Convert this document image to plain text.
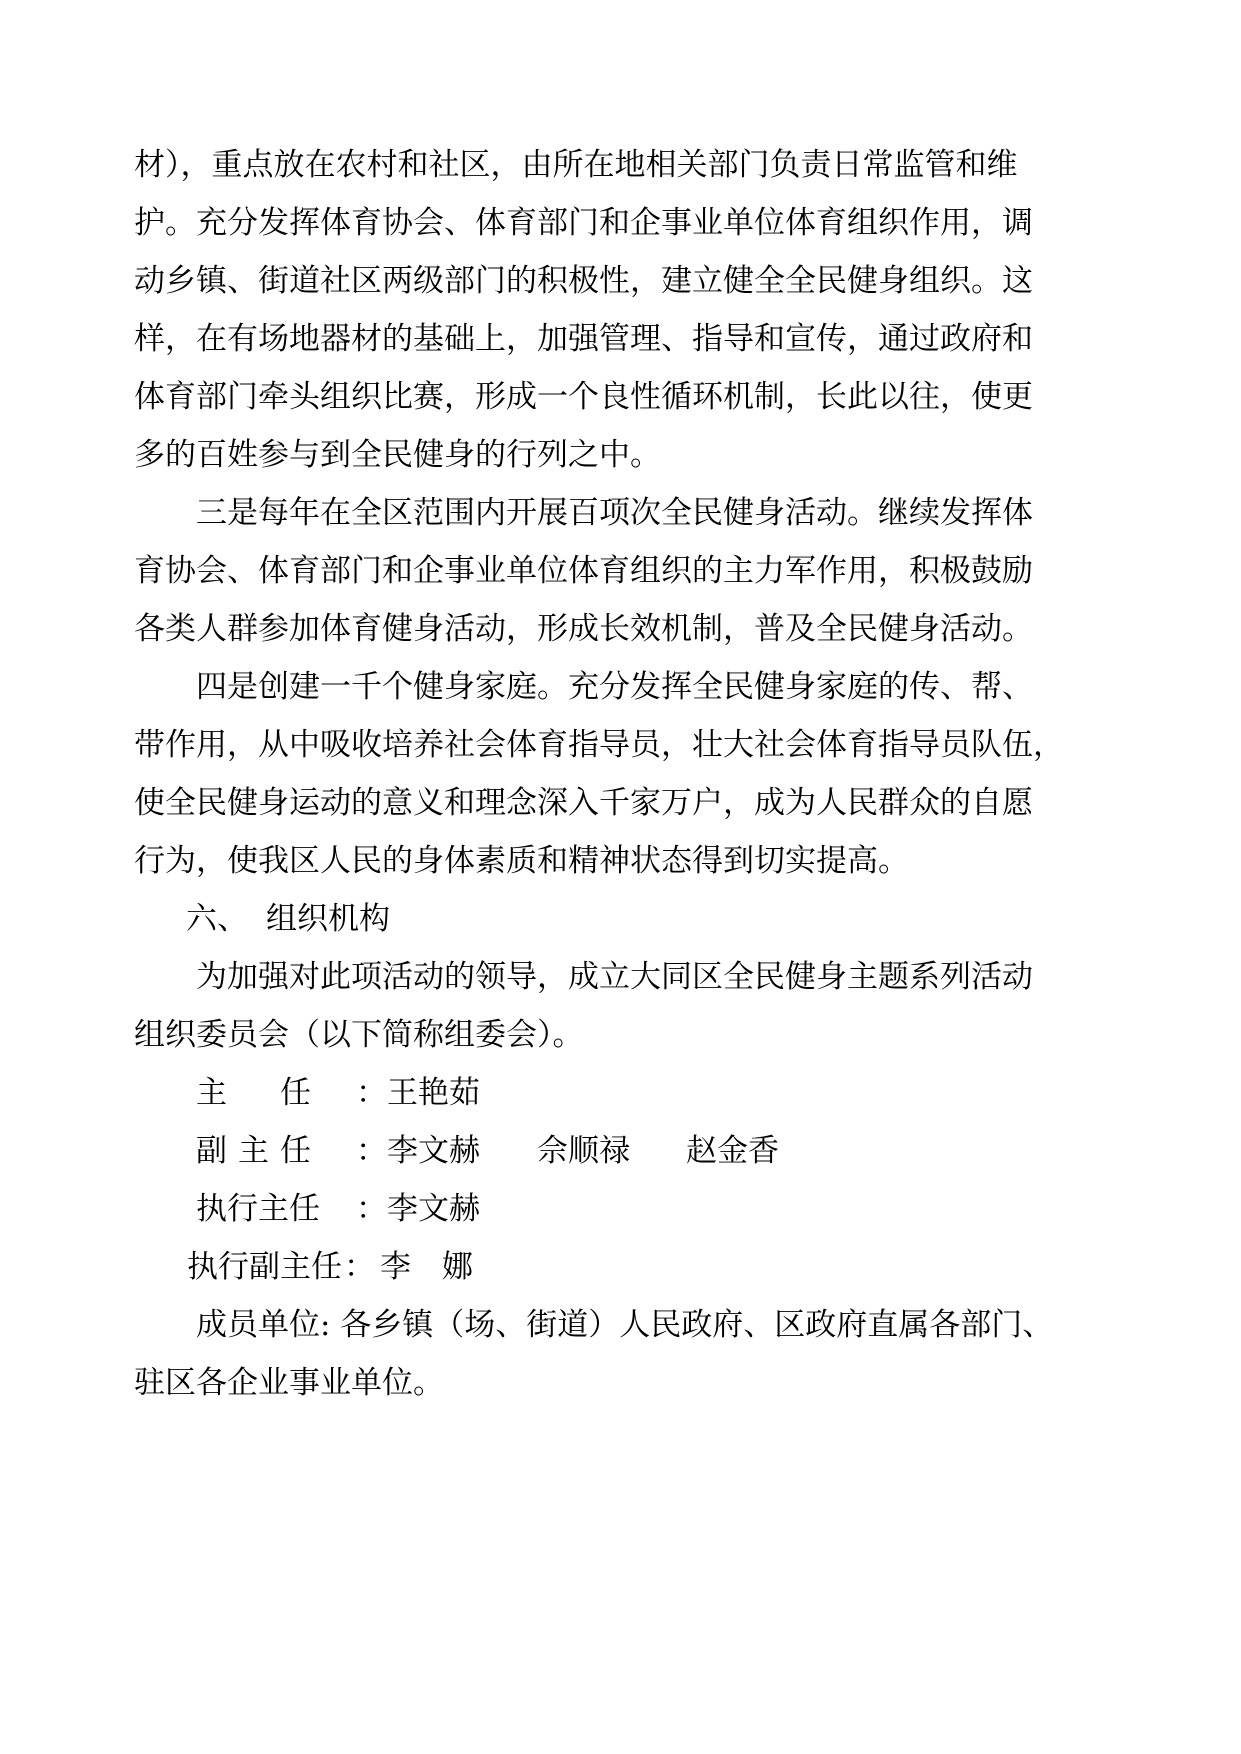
材），重点放在农村和社区，由所在地相关部门负责日常监管和维
护。充分发挥体育协会、体育部门和企事业单位体育组织作用，调
动乡镇、街道社区两级部门的积极性，建立健全全民健身组织。这
样，在有场地器材的基础上，加强管理、指导和宣传，通过政府和
体育部门牵头组织比赛，形成一个良性循环机制，长此以往，使更
多的百姓参与到全民健身的行列之中。
三是每年在全区范围内开展百项次全民健身活动。继续发挥体
育协会、体育部门和企事业单位体育组织的主力军作用，积极鼓励
各类人群参加体育健身活动，形成长效机制，普及全民健身活动。
四是创建一千个健身家庭。充分发挥全民健身家庭的传、帮、
带作用，从中吸收培养社会体育指导员，壮大社会体育指导员队伍，
使全民健身运动的意义和理念深入千家万户，成为人民群众的自愿
行为，使我区人民的身体素质和精神状态得到切实提高。
六、 组织机构
为加强对此项活动的领导，成立大同区全民健身主题系列活动
组织委员会（以下简称组委会）。
主 任 ： 王艳茹
副 主 任 ： 李文赫 佘顺禄 赵金香
执行主任 ： 李文赫
执行副主任 ： 李　娜
成员单位: 各乡镇（场、街道）人民政府、区政府直属各部门、
驻区各企业事业单位。
